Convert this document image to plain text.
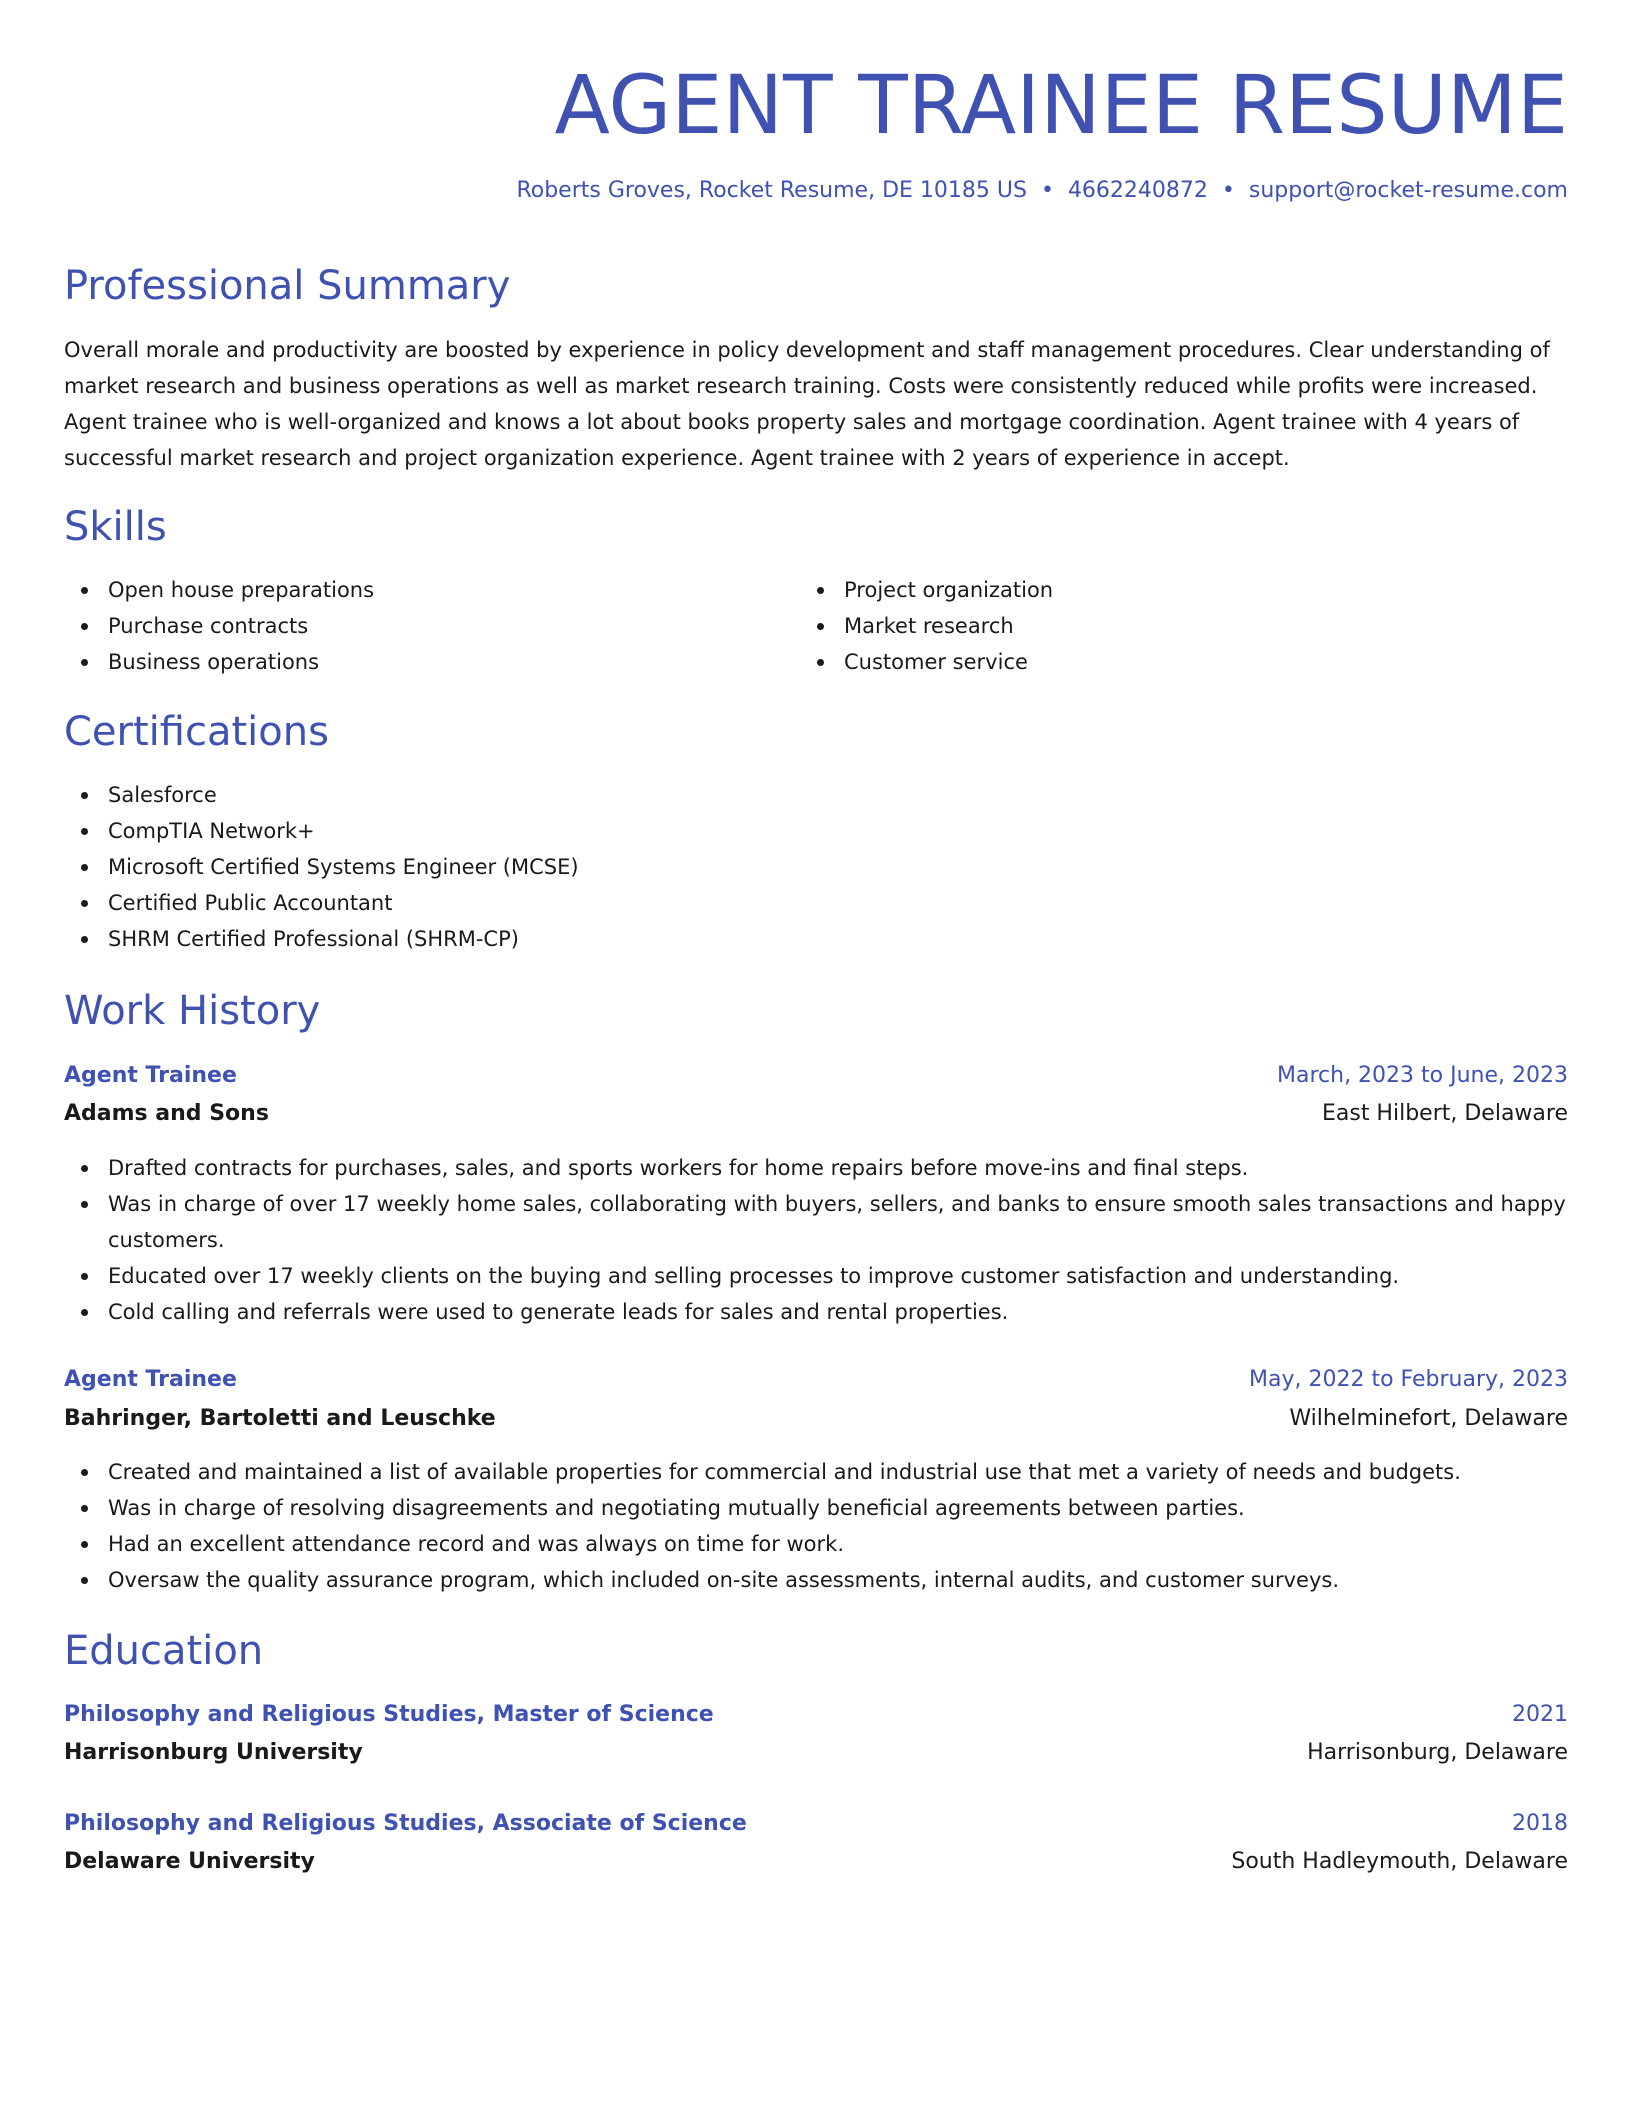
AGENT TRAINEE RESUME
Roberts Groves, Rocket Resume, DE 10185 US • 4662240872 • support@rocket-resume.com
Professional Summary

Overall morale and productivity are boosted by experience in policy development and staff management procedures. Clear understanding of market research and business operations as well as market research training. Costs were consistently reduced while profits were increased. Agent trainee who is well-organized and knows a lot about books property sales and mortgage coordination. Agent trainee with 4 years of successful market research and project organization experience. Agent trainee with 2 years of experience in accept.

Skills
Open house preparations
Purchase contracts
Business operations
Project organization
Market research
Customer service
Certifications
Salesforce
CompTIA Network+
Microsoft Certified Systems Engineer (MCSE)
Certified Public Accountant
SHRM Certified Professional (SHRM-CP)
Work History
Agent Trainee	March, 2023 to June, 2023
Adams and Sons	East Hilbert, Delaware
Drafted contracts for purchases, sales, and sports workers for home repairs before move-ins and final steps.
Was in charge of over 17 weekly home sales, collaborating with buyers, sellers, and banks to ensure smooth sales transactions and happy customers.
Educated over 17 weekly clients on the buying and selling processes to improve customer satisfaction and understanding.
Cold calling and referrals were used to generate leads for sales and rental properties.
Agent Trainee	May, 2022 to February, 2023
Bahringer, Bartoletti and Leuschke	Wilhelminefort, Delaware
Created and maintained a list of available properties for commercial and industrial use that met a variety of needs and budgets.
Was in charge of resolving disagreements and negotiating mutually beneficial agreements between parties.
Had an excellent attendance record and was always on time for work.
Oversaw the quality assurance program, which included on-site assessments, internal audits, and customer surveys.
Education
Philosophy and Religious Studies, Master of Science	2021
Harrisonburg University	Harrisonburg, Delaware
Philosophy and Religious Studies, Associate of Science	2018
Delaware University	South Hadleymouth, Delaware
